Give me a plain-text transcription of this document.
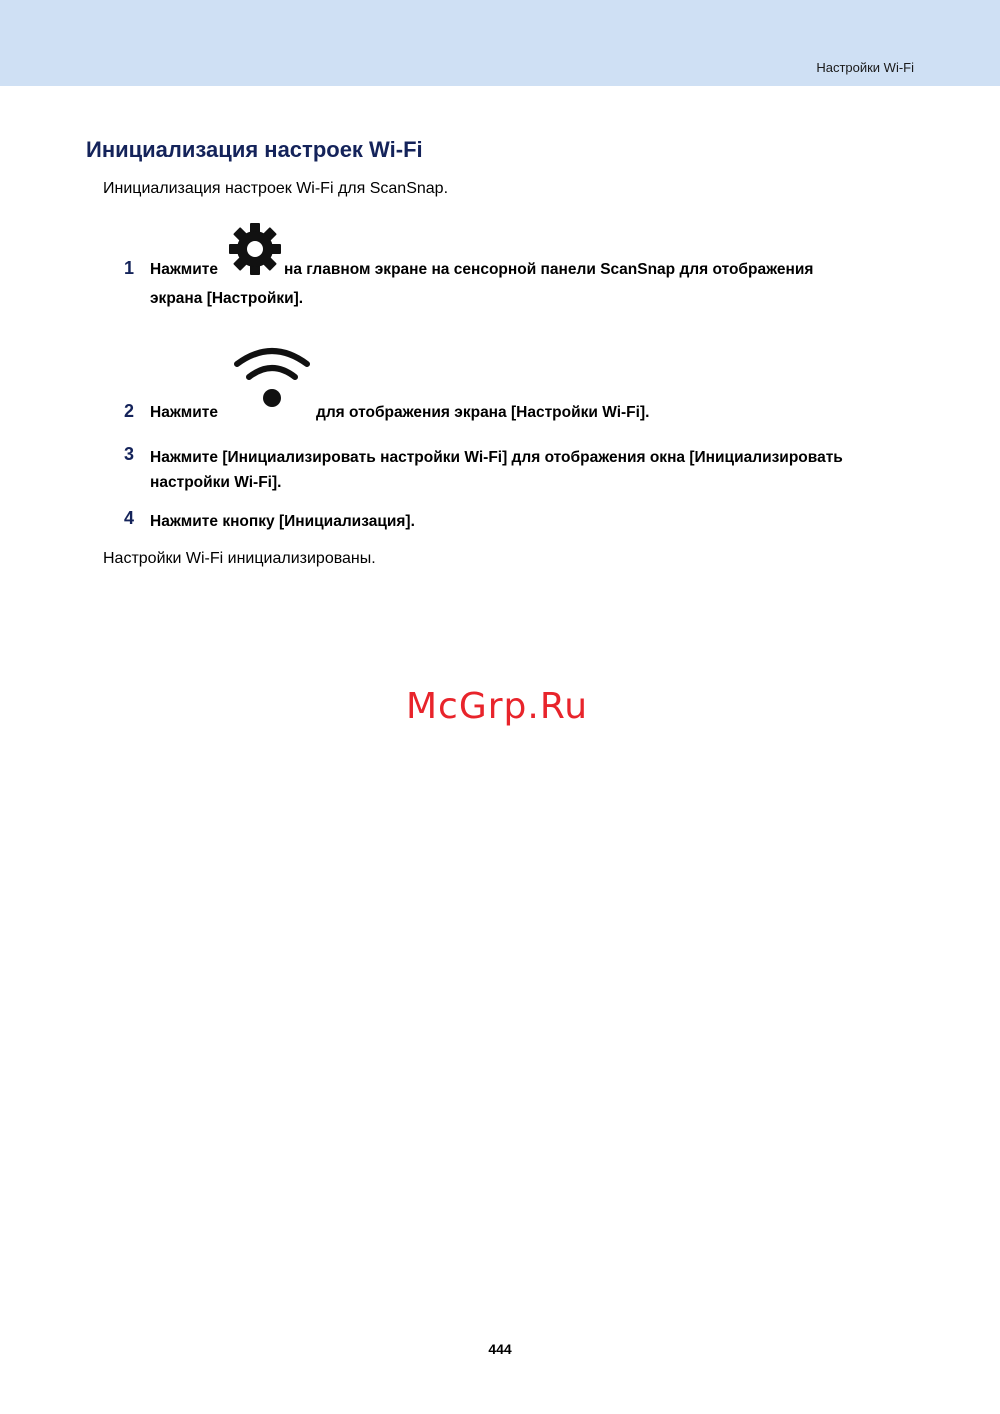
Настройки Wi-Fi
Инициализация настроек Wi-Fi
Инициализация настроек Wi-Fi для ScanSnap.
1 Нажмите	на главном экране на сенсорной панели ScanSnap для отображения
экрана [Настройки].
2 Нажмите	для отображения экрана [Настройки Wi-Fi].
3 Нажмите [Инициализировать настройки Wi-Fi] для отображения окна [Инициализировать настройки Wi-Fi].
4 Нажмите кнопку [Инициализация].
Настройки Wi-Fi инициализированы.
McGrp.Ru
444
